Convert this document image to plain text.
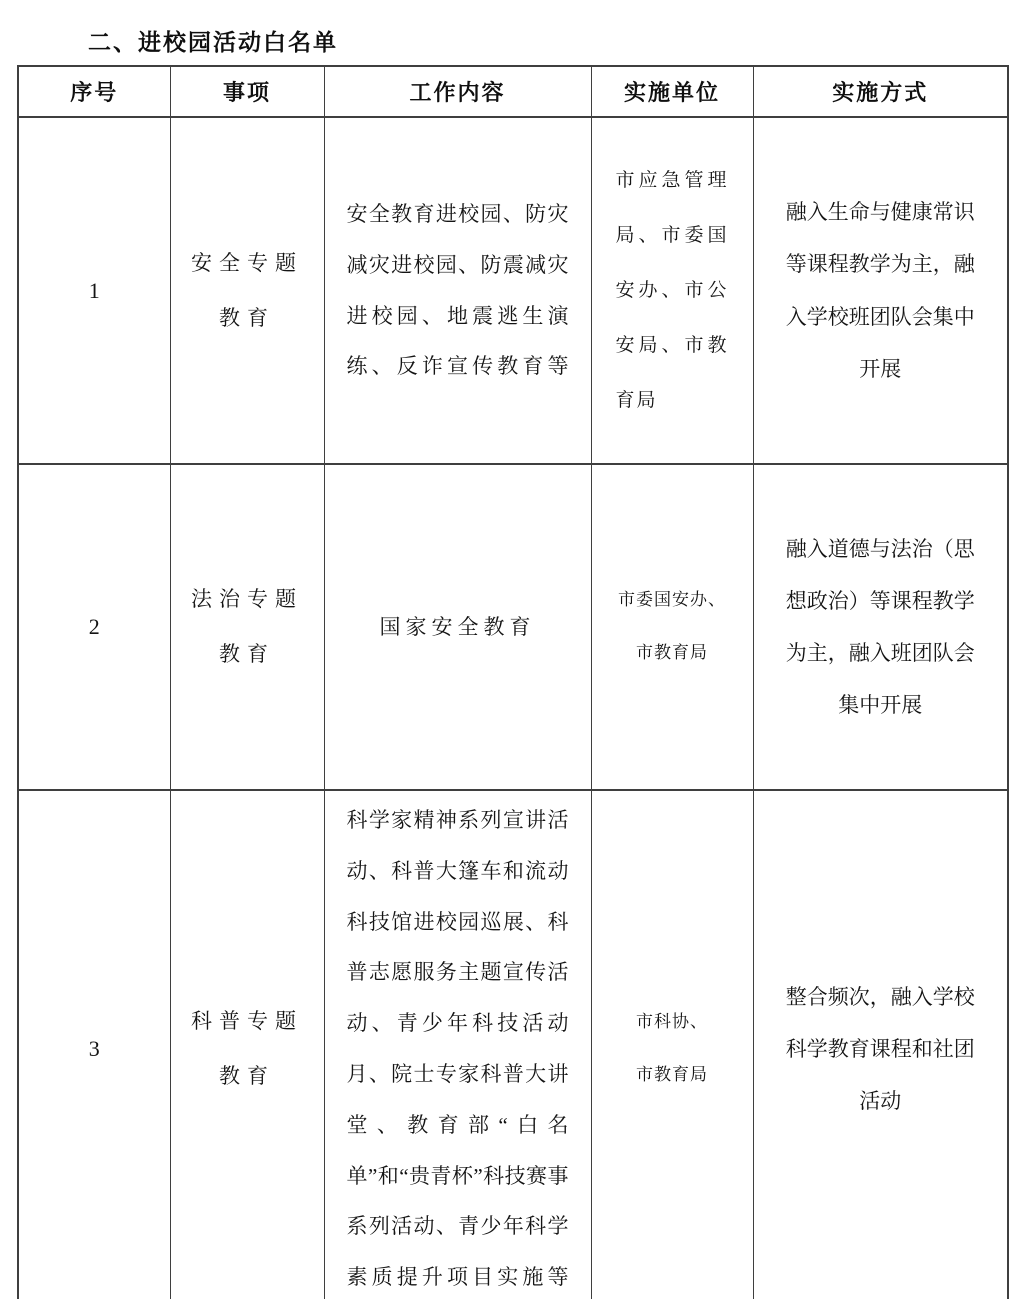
二、进校园活动白名单
序号	事项	工作内容	实施单位	实施方式
1	安全专题教育	安全教育进校园、防灾减灾进校园、防震减灾进校园、地震逃生演练、反诈宣传教育等	市应急管理局、市委国安办、市公安局、市教育局	融入生命与健康常识等课程教学为主，融入学校班团队会集中开展
2	法治专题教育	国家安全教育	市委国安办、市教育局	融入道德与法治（思想政治）等课程教学为主，融入班团队会集中开展
3	科普专题教育	科学家精神系列宣讲活动、科普大篷车和流动科技馆进校园巡展、科普志愿服务主题宣传活动、青少年科技活动月、院士专家科普大讲堂、教育部“白名单”和“贵青杯”科技赛事系列活动、青少年科学素质提升项目实施等	市科协、市教育局	整合频次，融入学校科学教育课程和社团活动
